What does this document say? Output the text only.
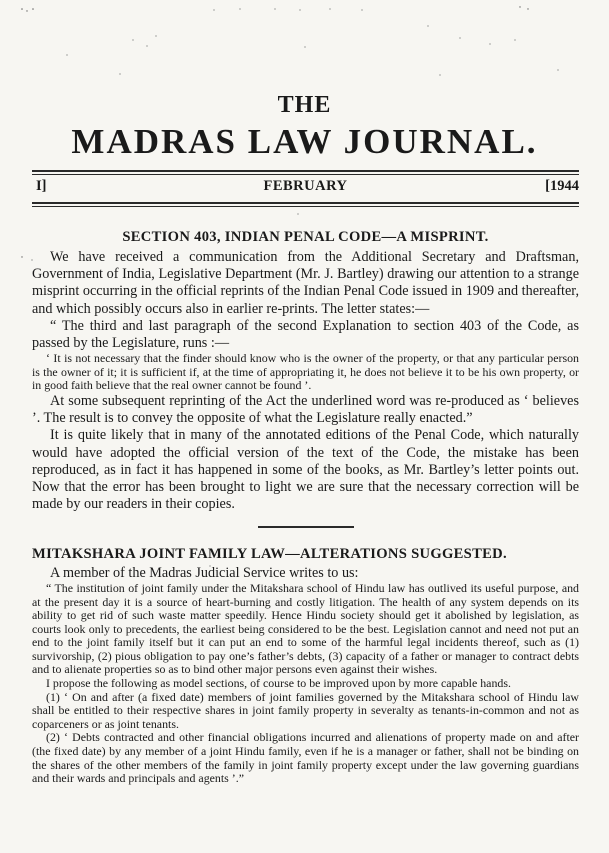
THE
MADRAS LAW JOURNAL.
I]	FEBRUARY	[1944
SECTION 403, INDIAN PENAL CODE—A MISPRINT.

We have received a communication from the Additional Secretary and Draftsman, Government of India, Legislative Department (Mr. J. Bartley) drawing our attention to a strange misprint occurring in the official reprints of the Indian Penal Code issued in 1909 and thereafter, and which possibly occurs also in earlier re-prints. The letter states:—

“ The third and last paragraph of the second Explanation to section 403 of the Code, as passed by the Legislature, runs :—

‘ It is not necessary that the finder should know who is the owner of the property, or that any particular person is the owner of it; it is sufficient if, at the time of appropriating it, he does not believe it to be his own property, or in good faith believe that the real owner cannot be found ’.

At some subsequent reprinting of the Act the underlined word was re-produced as ‘ believes ’. The result is to convey the opposite of what the Legislature really enacted.”

It is quite likely that in many of the annotated editions of the Penal Code, which naturally would have adopted the official version of the text of the Code, the mistake has been reproduced, as in fact it has happened in some of the books, as Mr. Bartley’s letter points out. Now that the error has been brought to light we are sure that the necessary correction will be made by our readers in their copies.

MITAKSHARA JOINT FAMILY LAW—ALTERATIONS SUGGESTED.

A member of the Madras Judicial Service writes to us:

“ The institution of joint family under the Mitakshara school of Hindu law has outlived its useful purpose, and at the present day it is a source of heart-burning and costly litigation. The health of any system depends on its ability to get rid of such waste matter speedily. Hence Hindu society should get it abolished by legislation, as courts look only to precedents, the earliest being considered to be the best. Legislation cannot and need not put an end to the joint family itself but it can put an end to some of the harmful legal incidents thereof, such as (1) survivorship, (2) pious obligation to pay one’s father’s debts, (3) capacity of a father or manager to contract debts and to alienate properties so as to bind other major persons even against their wishes.

I propose the following as model sections, of course to be improved upon by more capable hands.

(1) ‘ On and after (a fixed date) members of joint families governed by the Mitakshara school of Hindu law shall be entitled to their respective shares in joint family property in severalty as tenants-in-common and not as coparceners or as joint tenants.

(2) ‘ Debts contracted and other financial obligations incurred and alienations of property made on and after (the fixed date) by any member of a joint Hindu family, even if he is a manager or father, shall not be binding on the shares of the other members of the family in joint family property except under the law governing guardians and their wards and principals and agents ’.”
